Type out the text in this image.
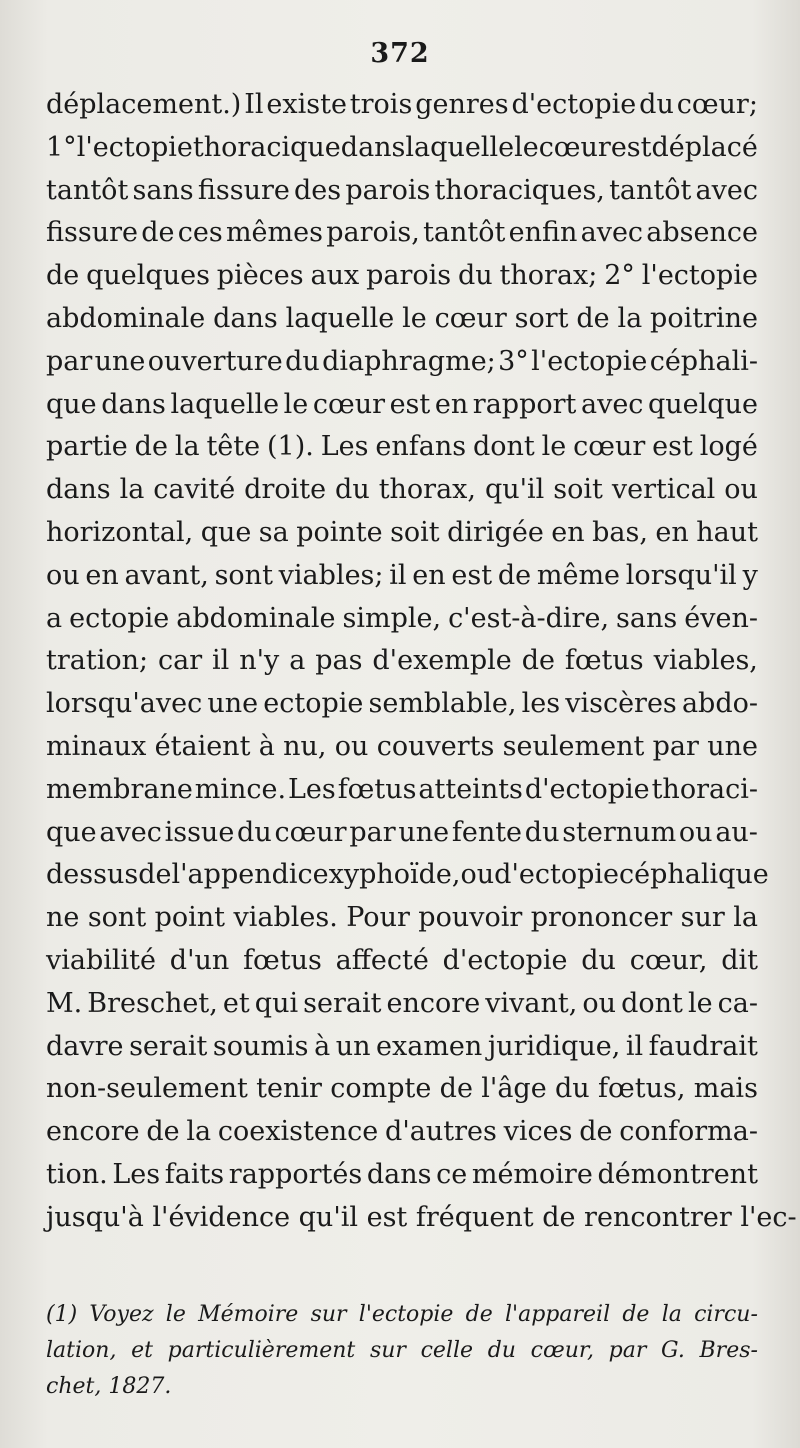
372
déplacement.) Il existe trois genres d'ectopie du cœur;
1° l'ectopie thoracique dans laquelle le cœur est déplacé
tantôt sans fissure des parois thoraciques, tantôt avec
fissure de ces mêmes parois, tantôt enfin avec absence
de quelques pièces aux parois du thorax; 2° l'ectopie
abdominale dans laquelle le cœur sort de la poitrine
par une ouverture du diaphragme; 3° l'ectopie céphali-
que dans laquelle le cœur est en rapport avec quelque
partie de la tête (1). Les enfans dont le cœur est logé
dans la cavité droite du thorax, qu'il soit vertical ou
horizontal, que sa pointe soit dirigée en bas, en haut
ou en avant, sont viables; il en est de même lorsqu'il y
a ectopie abdominale simple, c'est-à-dire, sans éven-
tration; car il n'y a pas d'exemple de fœtus viables,
lorsqu'avec une ectopie semblable, les viscères abdo-
minaux étaient à nu, ou couverts seulement par une
membrane mince. Les fœtus atteints d'ectopie thoraci-
que avec issue du cœur par une fente du sternum ou au-
dessus de l'appendice xyphoïde, ou d'ectopie céphalique
ne sont point viables. Pour pouvoir prononcer sur la
viabilité d'un fœtus affecté d'ectopie du cœur, dit
M. Breschet, et qui serait encore vivant, ou dont le ca-
davre serait soumis à un examen juridique, il faudrait
non-seulement tenir compte de l'âge du fœtus, mais
encore de la coexistence d'autres vices de conforma-
tion. Les faits rapportés dans ce mémoire démontrent
jusqu'à l'évidence qu'il est fréquent de rencontrer l'ec-
(1) Voyez le Mémoire sur l'ectopie de l'appareil de la circu-
lation, et particulièrement sur celle du cœur, par G. Bres-
chet, 1827.
